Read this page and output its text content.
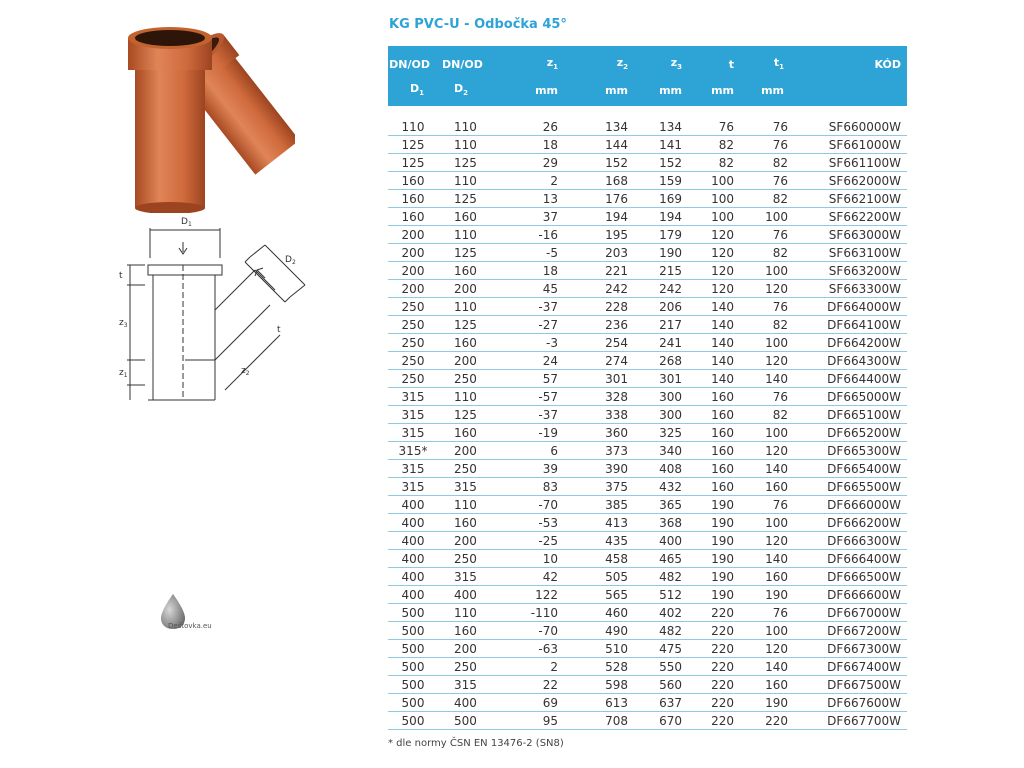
$D_1$
$D_2$
t
$z_3$
$z_1$	$z_2$
t
Dešťovka.eu
KG PVC-U - Odbočka 45°
DN/OD	DN/OD	$z_1$	$z_2$	$z_3$	t	$t_1$	KÓD
$D_1$	$D_2$	mm	mm	mm	mm	mm	

110	110	26	134	134	76	76	SF660000W
125	110	18	144	141	82	76	SF661000W
125	125	29	152	152	82	82	SF661100W
160	110	2	168	159	100	76	SF662000W
160	125	13	176	169	100	82	SF662100W
160	160	37	194	194	100	100	SF662200W
200	110	-16	195	179	120	76	SF663000W
200	125	-5	203	190	120	82	SF663100W
200	160	18	221	215	120	100	SF663200W
200	200	45	242	242	120	120	SF663300W
250	110	-37	228	206	140	76	DF664000W
250	125	-27	236	217	140	82	DF664100W
250	160	-3	254	241	140	100	DF664200W
250	200	24	274	268	140	120	DF664300W
250	250	57	301	301	140	140	DF664400W
315	110	-57	328	300	160	76	DF665000W
315	125	-37	338	300	160	82	DF665100W
315	160	-19	360	325	160	100	DF665200W
315*	200	6	373	340	160	120	DF665300W
315	250	39	390	408	160	140	DF665400W
315	315	83	375	432	160	160	DF665500W
400	110	-70	385	365	190	76	DF666000W
400	160	-53	413	368	190	100	DF666200W
400	200	-25	435	400	190	120	DF666300W
400	250	10	458	465	190	140	DF666400W
400	315	42	505	482	190	160	DF666500W
400	400	122	565	512	190	190	DF666600W
500	110	-110	460	402	220	76	DF667000W
500	160	-70	490	482	220	100	DF667200W
500	200	-63	510	475	220	120	DF667300W
500	250	2	528	550	220	140	DF667400W
500	315	22	598	560	220	160	DF667500W
500	400	69	613	637	220	190	DF667600W
500	500	95	708	670	220	220	DF667700W
* dle normy ČSN EN 13476-2 (SN8)
